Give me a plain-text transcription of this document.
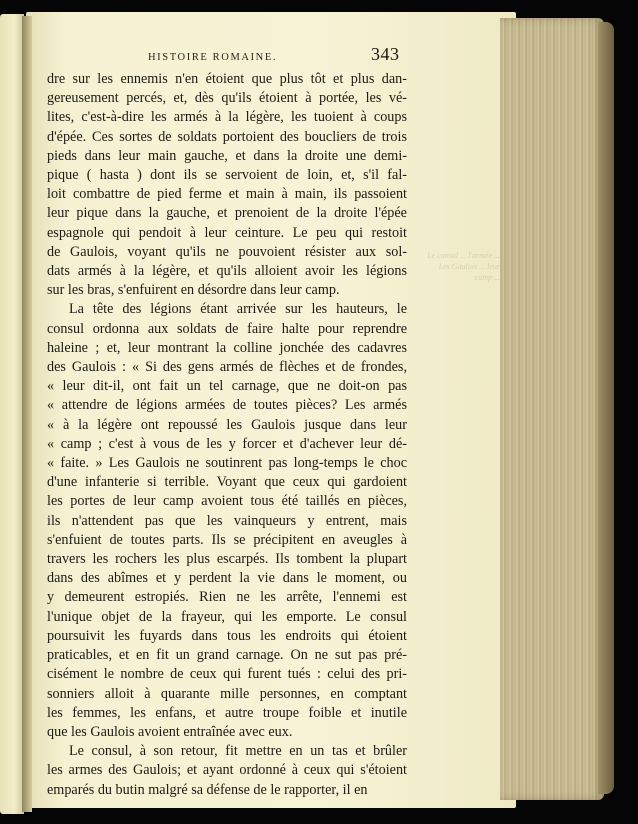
Le consul ... l'armée ... Les Gaulois ... leur camp ...
HISTOIRE ROMAINE.	343

dre sur les ennemis n'en étoient que plus tôt et plus dan-
gereusement percés, et, dès qu'ils étoient à portée, les vé-
lites, c'est-à-dire les armés à la légère, les tuoient à coups
d'épée. Ces sortes de soldats portoient des boucliers de trois
pieds dans leur main gauche, et dans la droite une demi-
pique ( hasta ) dont ils se servoient de loin, et, s'il fal-
loit combattre de pied ferme et main à main, ils passoient
leur pique dans la gauche, et prenoient de la droite l'épée
espagnole qui pendoit à leur ceinture. Le peu qui restoit
de Gaulois, voyant qu'ils ne pouvoient résister aux sol-
dats armés à la légère, et qu'ils alloient avoir les légions
sur les bras, s'enfuirent en désordre dans leur camp.

La tête des légions étant arrivée sur les hauteurs, le
consul ordonna aux soldats de faire halte pour reprendre
haleine ; et, leur montrant la colline jonchée des cadavres
des Gaulois : « Si des gens armés de flèches et de frondes,
« leur dit-il, ont fait un tel carnage, que ne doit-on pas
« attendre de légions armées de toutes pièces? Les armés
« à la légère ont repoussé les Gaulois jusque dans leur
« camp ; c'est à vous de les y forcer et d'achever leur dé-
« faite. » Les Gaulois ne soutinrent pas long-temps le choc
d'une infanterie si terrible. Voyant que ceux qui gardoient
les portes de leur camp avoient tous été taillés en pièces,
ils n'attendent pas que les vainqueurs y entrent, mais
s'enfuient de toutes parts. Ils se précipitent en aveugles à
travers les rochers les plus escarpés. Ils tombent la plupart
dans des abîmes et y perdent la vie dans le moment, ou
y demeurent estropiés. Rien ne les arrête, l'ennemi est
l'unique objet de la frayeur, qui les emporte. Le consul
poursuivit les fuyards dans tous les endroits qui étoient
praticables, et en fit un grand carnage. On ne sut pas pré-
cisément le nombre de ceux qui furent tués : celui des pri-
sonniers alloit à quarante mille personnes, en comptant
les femmes, les enfans, et autre troupe foible et inutile
que les Gaulois avoient entraînée avec eux.

Le consul, à son retour, fit mettre en un tas et brûler
les armes des Gaulois; et ayant ordonné à ceux qui s'étoient
emparés du butin malgré sa défense de le rapporter, il en
